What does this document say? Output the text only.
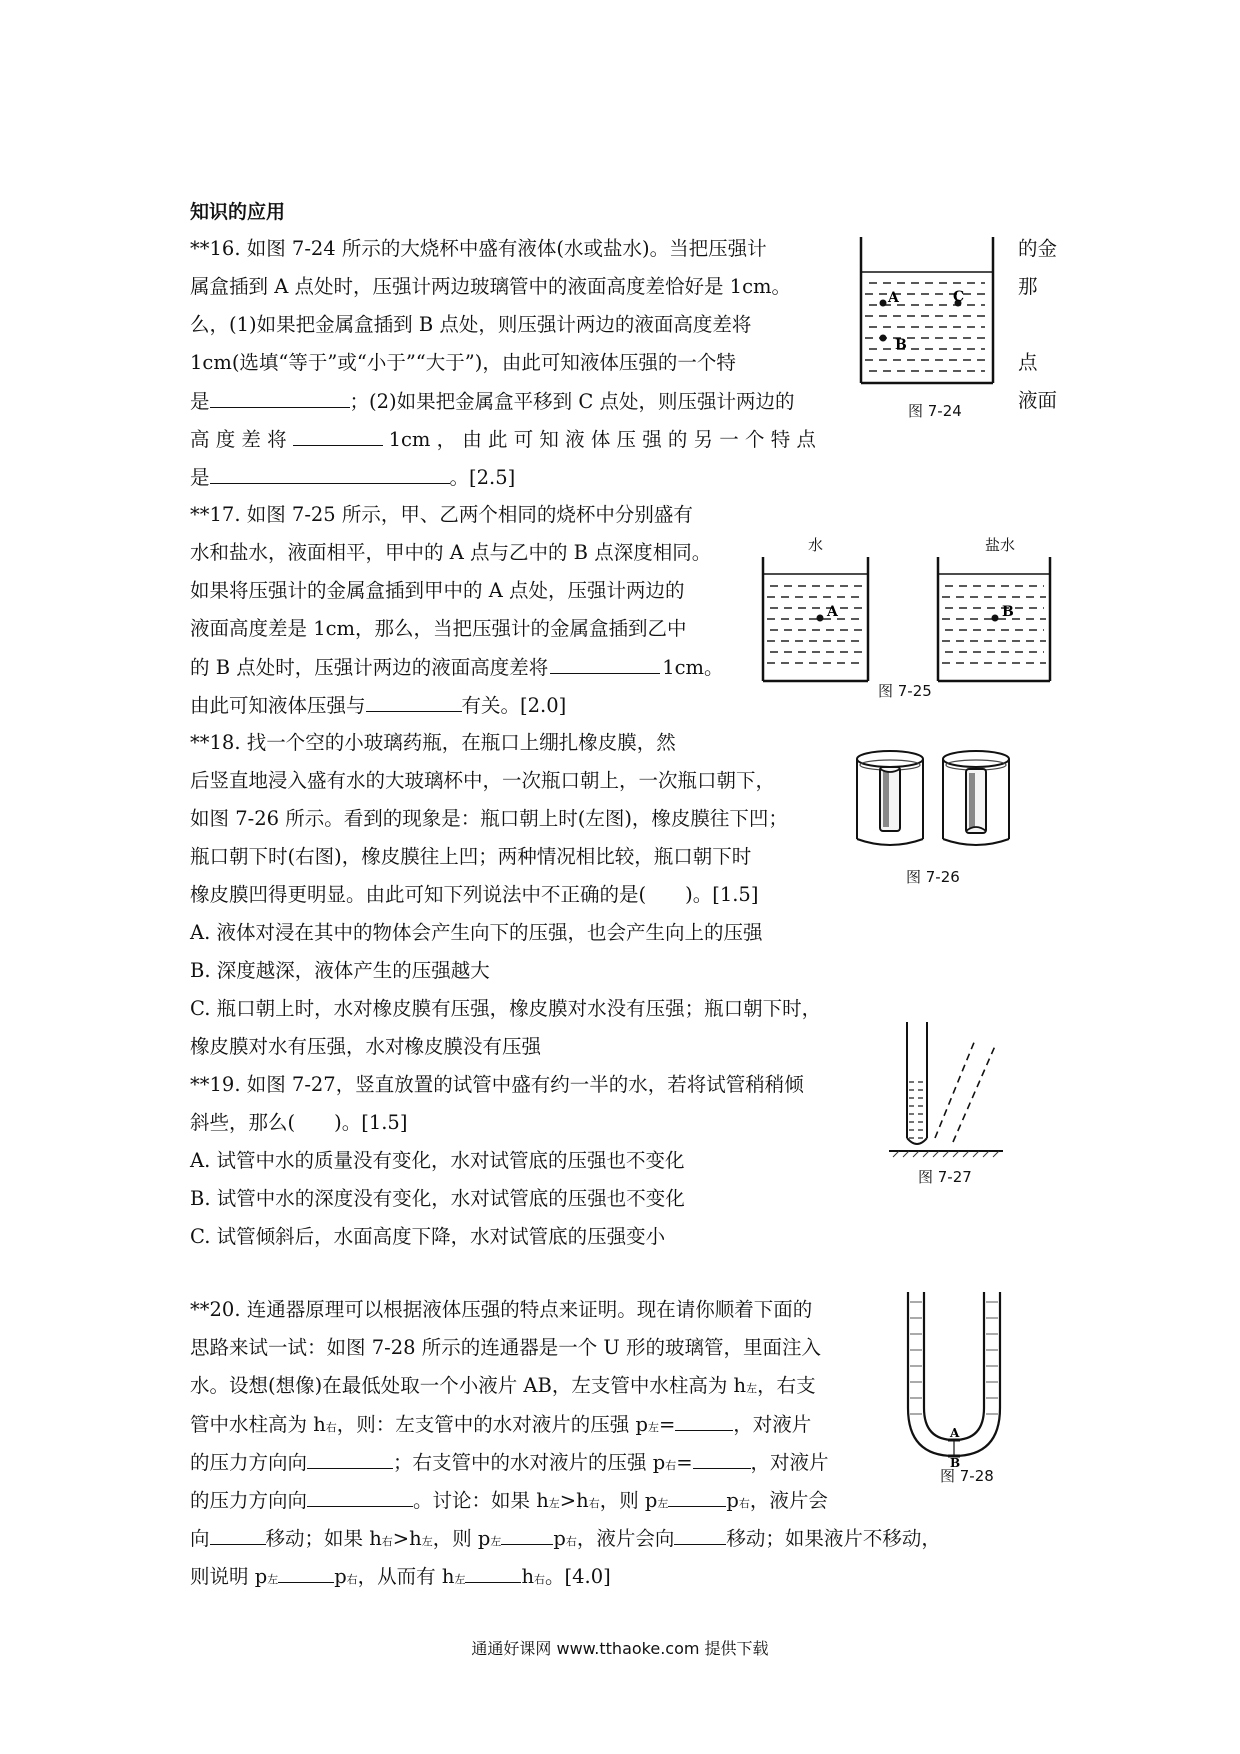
知识的应用
**16. 如图 7-24 所示的大烧杯中盛有液体(水或盐水)。当把压强计	的金
属盒插到 A 点处时，压强计两边玻璃管中的液面高度差恰好是 1cm。	那
么，(1)如果把金属盒插到 B 点处，则压强计两边的液面高度差将
1cm(选填“等于”或“小于”“大于”)，由此可知液体压强的一个特	点
是	；(2)如果把金属盒平移到 C 点处，则压强计两边的	液面
高 度 差 将	1cm ， 由 此 可 知 液 体 压 强 的 另 一 个 特 点
是	。[2.5]
A	C
B
图 7-24
**17. 如图 7-25 所示，甲、乙两个相同的烧杯中分别盛有
水和盐水，液面相平，甲中的 A 点与乙中的 B 点深度相同。
如果将压强计的金属盒插到甲中的 A 点处，压强计两边的
液面高度差是 1cm，那么，当把压强计的金属盒插到乙中
的 B 点处时，压强计两边的液面高度差将	1cm。
由此可知液体压强与	有关。[2.0]
水	盐水
A	B
图 7-25
**18. 找一个空的小玻璃药瓶，在瓶口上绷扎橡皮膜，然
后竖直地浸入盛有水的大玻璃杯中，一次瓶口朝上，一次瓶口朝下，
如图 7-26 所示。看到的现象是：瓶口朝上时(左图)，橡皮膜往下凹；
瓶口朝下时(右图)，橡皮膜往上凹；两种情况相比较，瓶口朝下时
橡皮膜凹得更明显。由此可知下列说法中不正确的是(　　)。[1.5]
A. 液体对浸在其中的物体会产生向下的压强，也会产生向上的压强
B. 深度越深，液体产生的压强越大
C. 瓶口朝上时，水对橡皮膜有压强，橡皮膜对水没有压强；瓶口朝下时，
橡皮膜对水有压强，水对橡皮膜没有压强
图 7-26
**19. 如图 7-27，竖直放置的试管中盛有约一半的水，若将试管稍稍倾
斜些，那么(　　)。[1.5]
A. 试管中水的质量没有变化，水对试管底的压强也不变化
B. 试管中水的深度没有变化，水对试管底的压强也不变化
C. 试管倾斜后，水面高度下降，水对试管底的压强变小
图 7-27
**20. 连通器原理可以根据液体压强的特点来证明。现在请你顺着下面的
思路来试一试：如图 7-28 所示的连通器是一个 U 形的玻璃管，里面注入
水。设想(想像)在最低处取一个小液片 AB，左支管中水柱高为 h左，右支
管中水柱高为 h右，则：左支管中的水对液片的压强 p左=	，对液片
的压力方向向	；右支管中的水对液片的压强 p右=	，对液片
的压力方向向	。讨论：如果 h左>h右，则 p左	p右，液片会
向	移动；如果 h右>h左，则 p左	p右，液片会向	移动；如果液片不移动，
则说明 p左	p右，从而有 h左	h右。[4.0]
A
B
图 7-28
通通好课网 www.tthaoke.com 提供下载
